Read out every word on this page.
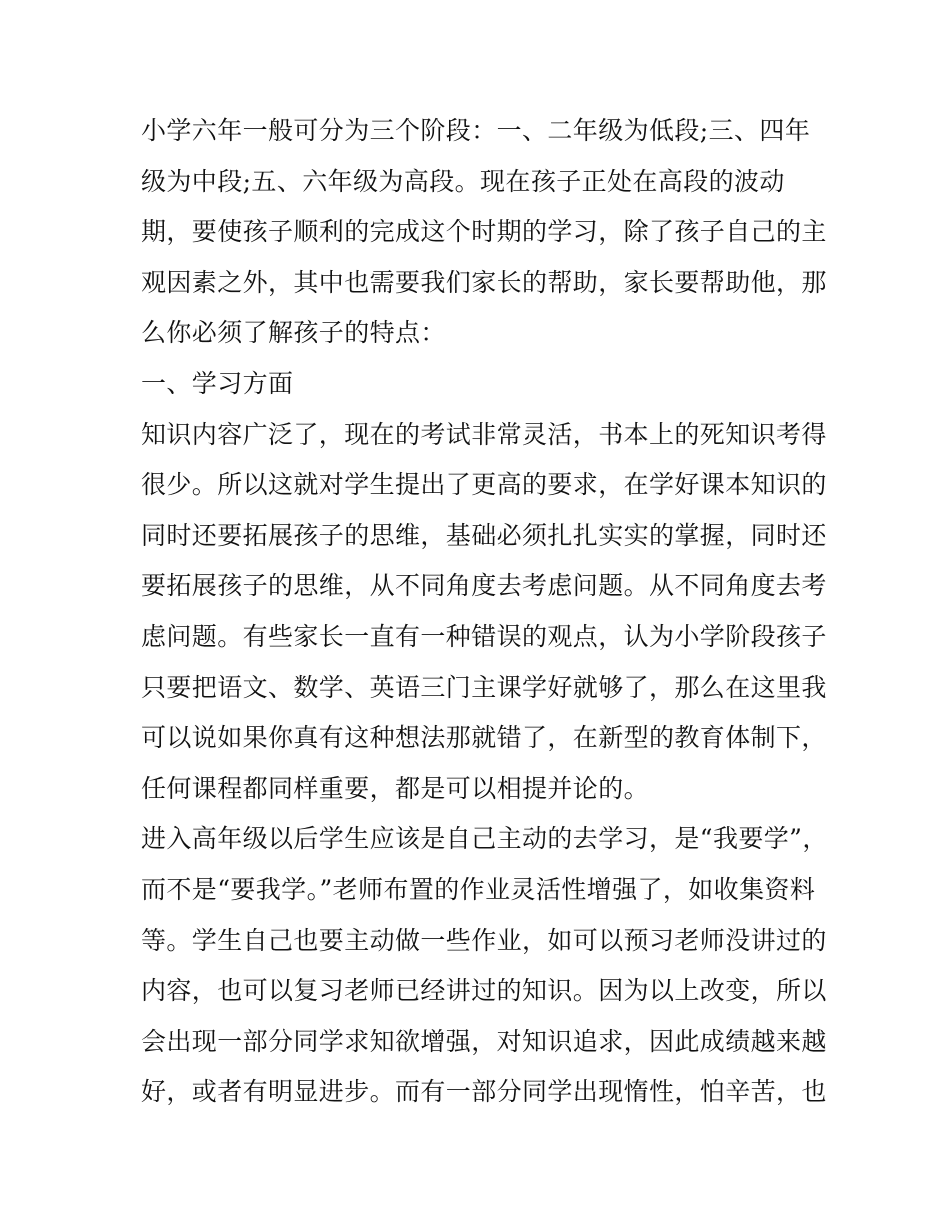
小学六年一般可分为三个阶段：一、二年级为低段;三、四年
级为中段;五、六年级为高段。现在孩子正处在高段的波动
期，要使孩子顺利的完成这个时期的学习，除了孩子自己的主
观因素之外，其中也需要我们家长的帮助，家长要帮助他，那
么你必须了解孩子的特点：
一、学习方面
知识内容广泛了，现在的考试非常灵活，书本上的死知识考得
很少。所以这就对学生提出了更高的要求，在学好课本知识的
同时还要拓展孩子的思维，基础必须扎扎实实的掌握，同时还
要拓展孩子的思维，从不同角度去考虑问题。从不同角度去考
虑问题。有些家长一直有一种错误的观点，认为小学阶段孩子
只要把语文、数学、英语三门主课学好就够了，那么在这里我
可以说如果你真有这种想法那就错了，在新型的教育体制下，
任何课程都同样重要，都是可以相提并论的。
进入高年级以后学生应该是自己主动的去学习，是“我要学”，
而不是“要我学。”老师布置的作业灵活性增强了，如收集资料
等。学生自己也要主动做一些作业，如可以预习老师没讲过的
内容，也可以复习老师已经讲过的知识。因为以上改变，所以
会出现一部分同学求知欲增强，对知识追求，因此成绩越来越
好，或者有明显进步。而有一部分同学出现惰性，怕辛苦，也
